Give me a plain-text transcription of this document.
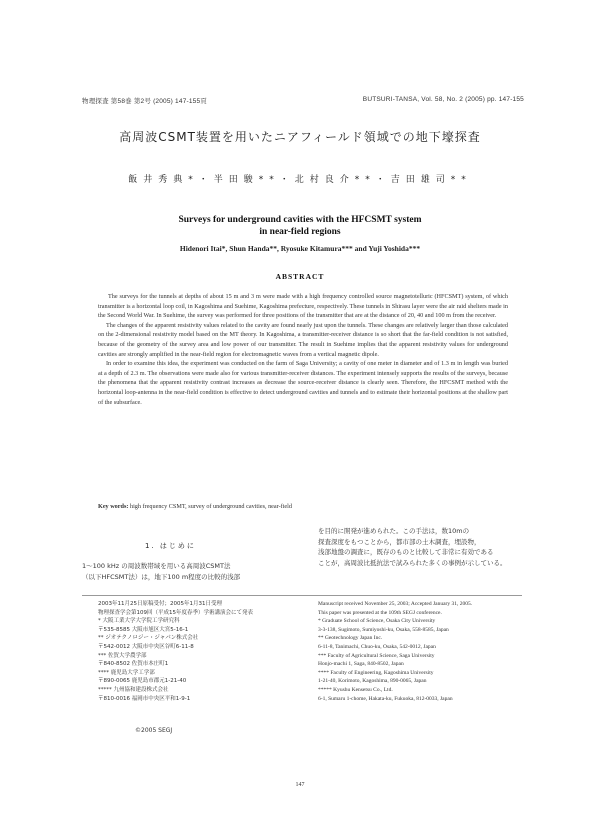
物理探査 第58巻 第2号 (2005) 147-155頁	BUTSURI-TANSA, Vol. 58, No. 2 (2005) pp. 147-155
高周波CSMT装置を用いたニアフィールド領域での地下壕探査
飯井秀典*・半田駿**・北村良介**・吉田雄司**
Surveys for underground cavities with the HFCSMT system
in near-field regions
Hidenori Itai*, Shun Handa**, Ryosuke Kitamura*** and Yuji Yoshida***
ABSTRACT

The surveys for the tunnels at depths of about 15 m and 3 m were made with a high frequency controlled source magnetotelluric (HFCSMT) system, of which transmitter is a horizontal loop coil, in Kagoshima and Suehime, Kagoshima prefecture, respectively. These tunnels in Shirasu layer were the air raid shelters made in the Second World War. In Suehime, the survey was performed for three positions of the transmitter that are at the distance of 20, 40 and 100 m from the receiver.

The changes of the apparent resistivity values related to the cavity are found nearly just upon the tunnels. These changes are relatively larger than those calculated on the 2-dimensional resistivity model based on the MT theory. In Kagoshima, a transmitter-receiver distance is so short that the far-field condition is not satisfied, because of the geometry of the survey area and low power of our transmitter. The result in Suehime implies that the apparent resistivity values for underground cavities are strongly amplified in the near-field region for electromagnetic waves from a vertical magnetic dipole.

In order to examine this idea, the experiment was conducted on the farm of Saga University; a cavity of one meter in diameter and of 1.3 m in length was buried at a depth of 2.3 m. The observations were made also for various transmitter-receiver distances. The experiment intensely supports the results of the surveys, because the phenomena that the apparent resistivity contrast increases as decrease the source-receiver distance is clearly seen. Therefore, the HFCSMT method with the horizontal loop-antenna in the near-field condition is effective to detect underground cavities and tunnels and to estimate their horizontal positions at the shallow part of the subsurface.

Key words: high frequency CSMT, survey of underground cavities, near-field
1. はじめに
1～100 kHz の周波数帯域を用いる高周波CSMT法
（以下HFCSMT法）は，地下100 m程度の比較的浅部
を目的に開発が進められた。この手法は，数10mの
探査深度をもつことから，都市部の土木調査，埋設物，
浅部地盤の調査に，既存のものと比較して非常に有効である
ことが，高周波比抵抗法で試みられた多くの事例が示している。
2003年11月25日原稿受付；2005年1月31日受理
物理探査学会第109回（平成15年度春季）学術講演会にて発表
* 大阪工業大学大学院工学研究科
〒535-8585 大阪市旭区大宮5-16-1
** ジオテクノロジー・ジャパン株式会社
〒542-0012 大阪市中央区谷町6-11-8
*** 佐賀大学農学部
〒840-8502 佐賀市本庄町1
**** 鹿児島大学工学部
〒890-0065 鹿児島市郡元1-21-40
***** 九州協和建設株式会社
〒810-0016 福岡市中央区平和1-9-1
Manuscript received November 25, 2003; Accepted January 31, 2005.
This paper was presented at the 109th SEGJ conference.
* Graduate School of Science, Osaka City University
3-3-138, Sugimoto, Sumiyoshi-ku, Osaka, 558-8585, Japan
** Geotechnology Japan Inc.
6-11-8, Tanimachi, Chuo-ku, Osaka, 542-0012, Japan
*** Faculty of Agricultural Science, Saga University
Honjo-machi 1, Saga, 840-8502, Japan
**** Faculty of Engineering, Kagoshima University
1-21-40, Korimoto, Kagoshima, 890-0065, Japan
***** Kyushu Kensetsu Co., Ltd.
6-1, Sumaru 1-chome, Hakata-ku, Fukuoka, 812-0033, Japan
©2005 SEGJ
147
